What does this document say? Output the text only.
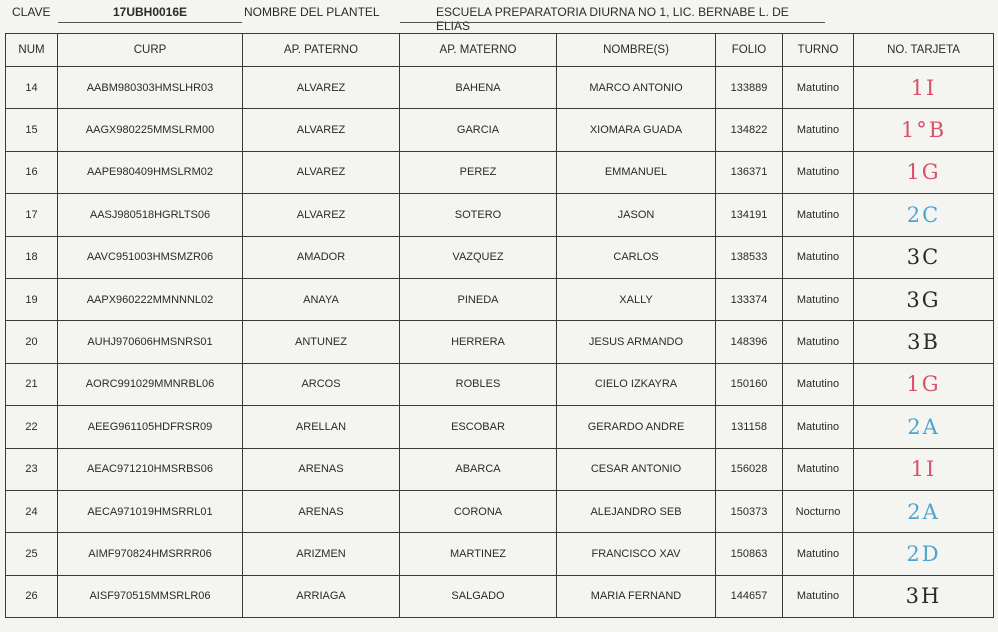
CLAVE	17UBH0016E	NOMBRE DEL PLANTEL	ESCUELA PREPARATORIA DIURNA NO 1, LIC. BERNABE L. DE ELIAS
NUM	CURP	AP. PATERNO	AP. MATERNO	NOMBRE(S)	FOLIO	TURNO	NO. TARJETA
14	AABM980303HMSLHR03	ALVAREZ	BAHENA	MARCO ANTONIO	133889	Matutino	1I
15	AAGX980225MMSLRM00	ALVAREZ	GARCIA	XIOMARA GUADA	134822	Matutino	1°B
16	AAPE980409HMSLRM02	ALVAREZ	PEREZ	EMMANUEL	136371	Matutino	1G
17	AASJ980518HGRLTS06	ALVAREZ	SOTERO	JASON	134191	Matutino	2C
18	AAVC951003HMSMZR06	AMADOR	VAZQUEZ	CARLOS	138533	Matutino	3C
19	AAPX960222MMNNNL02	ANAYA	PINEDA	XALLY	133374	Matutino	3G
20	AUHJ970606HMSNRS01	ANTUNEZ	HERRERA	JESUS ARMANDO	148396	Matutino	3B
21	AORC991029MMNRBL06	ARCOS	ROBLES	CIELO IZKAYRA	150160	Matutino	1G
22	AEEG961105HDFRSR09	ARELLAN	ESCOBAR	GERARDO ANDRE	131158	Matutino	2A
23	AEAC971210HMSRBS06	ARENAS	ABARCA	CESAR ANTONIO	156028	Matutino	1I
24	AECA971019HMSRRL01	ARENAS	CORONA	ALEJANDRO SEB	150373	Nocturno	2A
25	AIMF970824HMSRRR06	ARIZMEN	MARTINEZ	FRANCISCO XAV	150863	Matutino	2D
26	AISF970515MMSRLR06	ARRIAGA	SALGADO	MARIA FERNAND	144657	Matutino	3H
